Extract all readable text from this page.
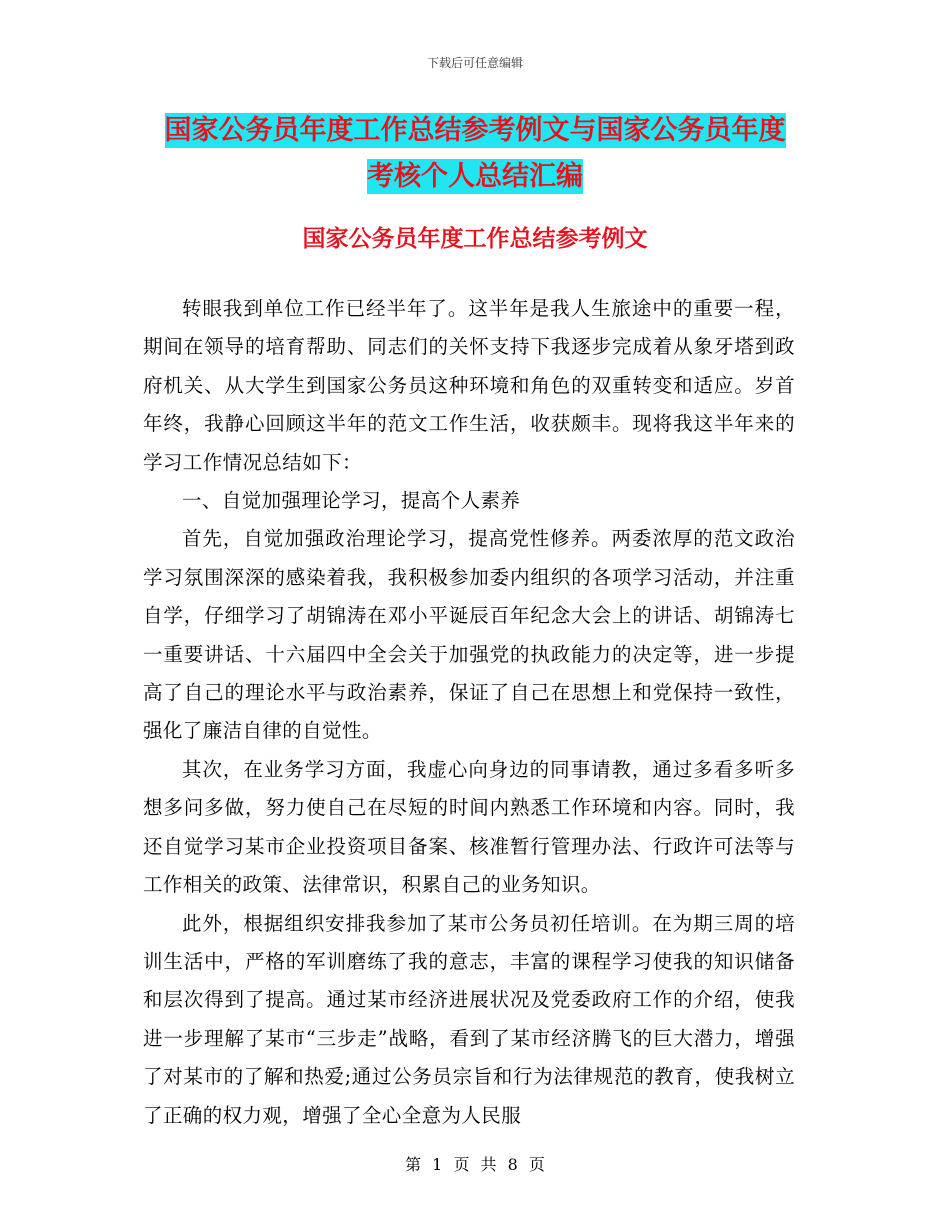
下载后可任意编辑
国家公务员年度工作总结参考例文与国家公务员年度
考核个人总结汇编
国家公务员年度工作总结参考例文

转眼我到单位工作已经半年了。这半年是我人生旅途中的重要一程，期间在领导的培育帮助、同志们的关怀支持下我逐步完成着从象牙塔到政府机关、从大学生到国家公务员这种环境和角色的双重转变和适应。岁首年终，我静心回顾这半年的范文工作生活，收获颇丰。现将我这半年来的学习工作情况总结如下：

一、自觉加强理论学习，提高个人素养

首先，自觉加强政治理论学习，提高党性修养。两委浓厚的范文政治学习氛围深深的感染着我，我积极参加委内组织的各项学习活动，并注重自学，仔细学习了胡锦涛在邓小平诞辰百年纪念大会上的讲话、胡锦涛七一重要讲话、十六届四中全会关于加强党的执政能力的决定等，进一步提高了自己的理论水平与政治素养，保证了自己在思想上和党保持一致性，强化了廉洁自律的自觉性。

其次，在业务学习方面，我虚心向身边的同事请教，通过多看多听多想多问多做，努力使自己在尽短的时间内熟悉工作环境和内容。同时，我还自觉学习某市企业投资项目备案、核准暂行管理办法、行政许可法等与工作相关的政策、法律常识，积累自己的业务知识。

此外，根据组织安排我参加了某市公务员初任培训。在为期三周的培训生活中，严格的军训磨练了我的意志，丰富的课程学习使我的知识储备和层次得到了提高。通过某市经济进展状况及党委政府工作的介绍，使我进一步理解了某市“三步走”战略，看到了某市经济腾飞的巨大潜力，增强了对某市的了解和热爱;通过公务员宗旨和行为法律规范的教育，使我树立了正确的权力观，增强了全心全意为人民服

第 1 页 共 8 页
